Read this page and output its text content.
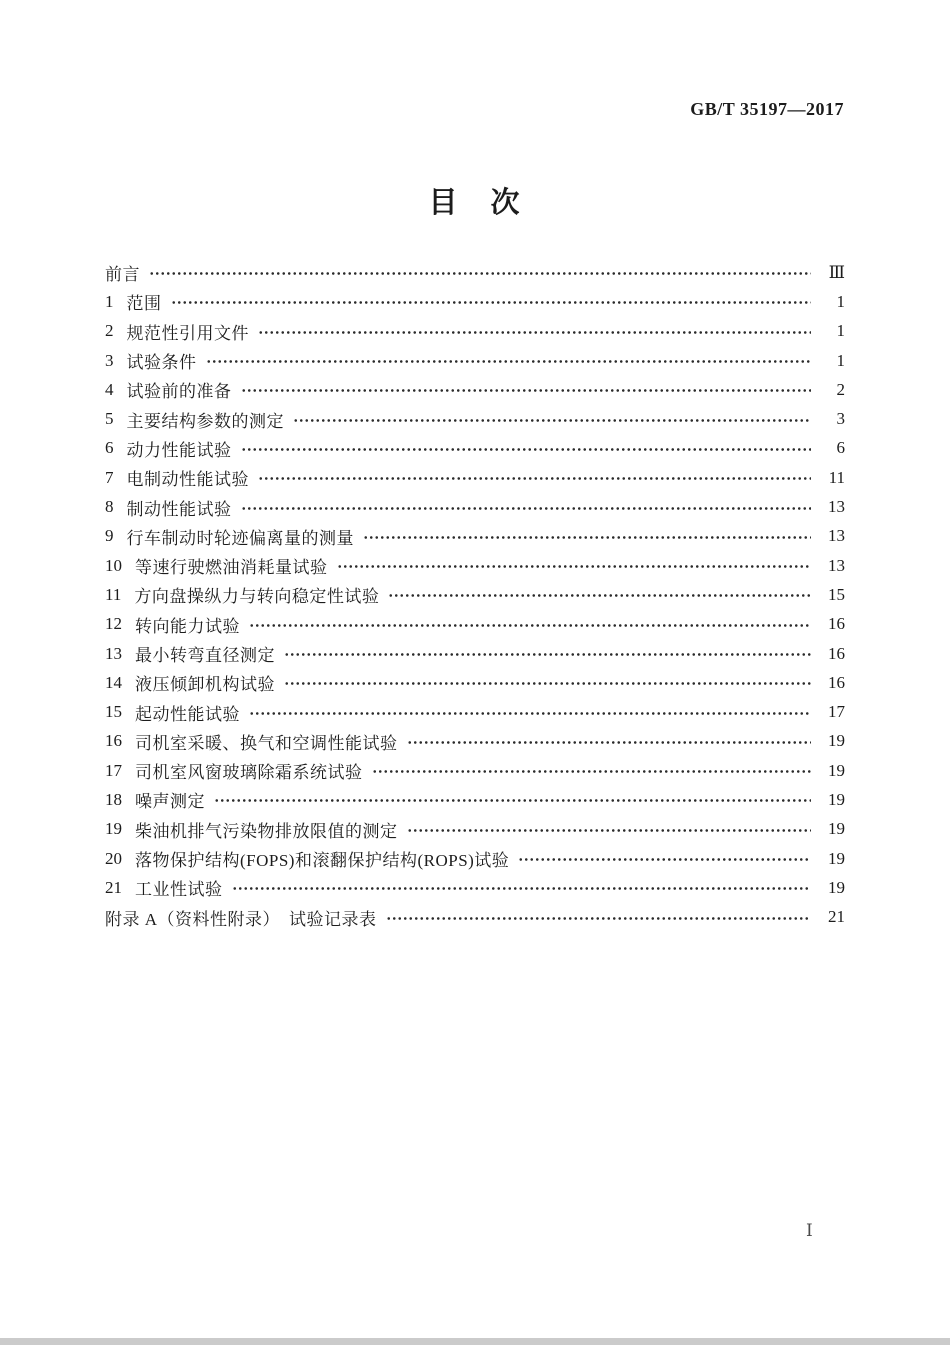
GB/T 35197—2017
目　次
前言	Ⅲ
1 范围	1
2 规范性引用文件	1
3 试验条件	1
4 试验前的准备	2
5 主要结构参数的测定	3
6 动力性能试验	6
7 电制动性能试验	11
8 制动性能试验	13
9 行车制动时轮迹偏离量的测量	13
10 等速行驶燃油消耗量试验	13
11 方向盘操纵力与转向稳定性试验	15
12 转向能力试验	16
13 最小转弯直径测定	16
14 液压倾卸机构试验	16
15 起动性能试验	17
16 司机室采暖、换气和空调性能试验	19
17 司机室风窗玻璃除霜系统试验	19
18 噪声测定	19
19 柴油机排气污染物排放限值的测定	19
20 落物保护结构(FOPS)和滚翻保护结构(ROPS)试验	19
21 工业性试验	19
附录 A（资料性附录）　试验记录表	21
Ⅰ
